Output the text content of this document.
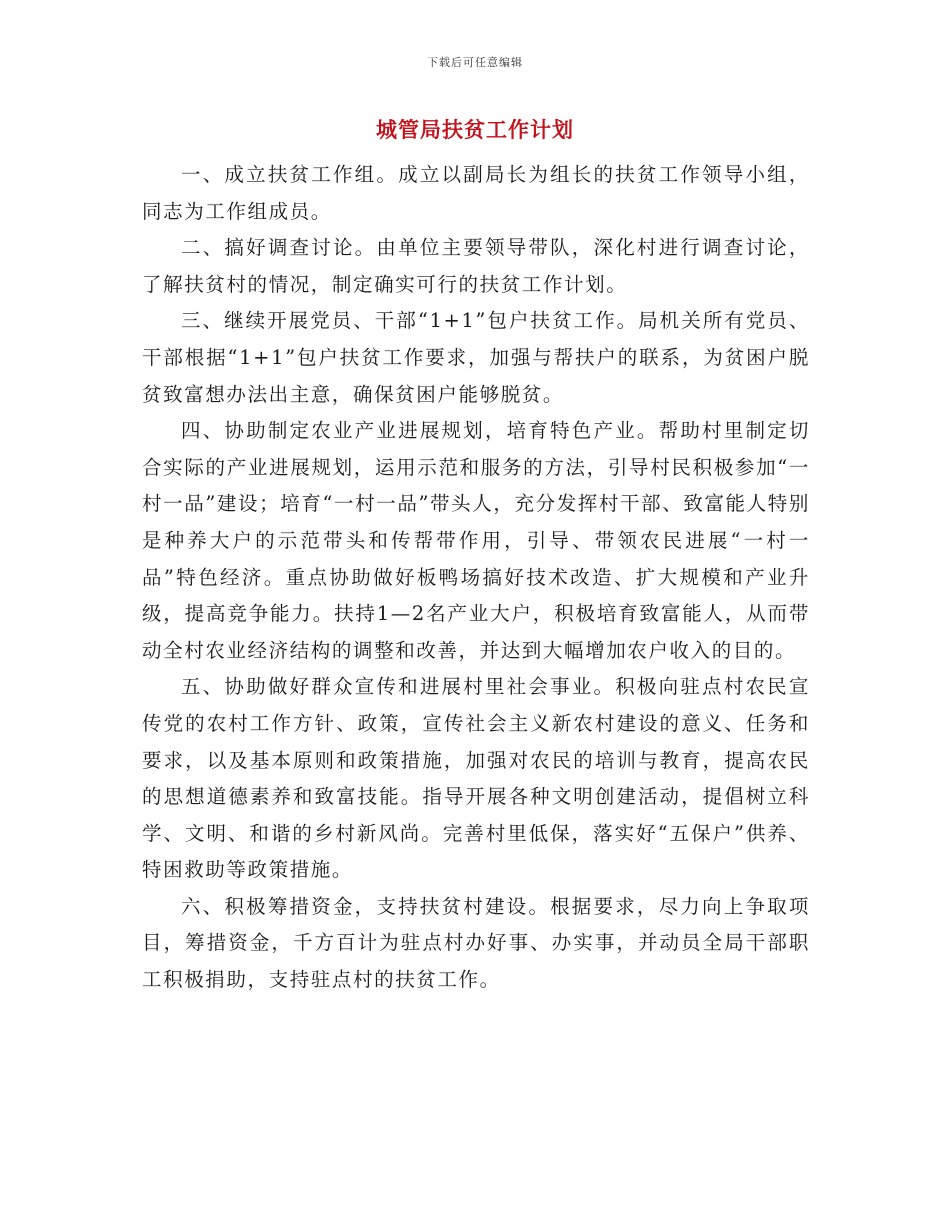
下载后可任意编辑
城管局扶贫工作计划

一、成立扶贫工作组。成立以副局长为组长的扶贫工作领导小组，同志为工作组成员。

二、搞好调查讨论。由单位主要领导带队，深化村进行调查讨论，了解扶贫村的情况，制定确实可行的扶贫工作计划。

三、继续开展党员、干部“1+1”包户扶贫工作。局机关所有党员、干部根据“1+1”包户扶贫工作要求，加强与帮扶户的联系，为贫困户脱贫致富想办法出主意，确保贫困户能够脱贫。

四、协助制定农业产业进展规划，培育特色产业。帮助村里制定切合实际的产业进展规划，运用示范和服务的方法，引导村民积极参加“一村一品”建设；培育“一村一品”带头人，充分发挥村干部、致富能人特别是种养大户的示范带头和传帮带作用，引导、带领农民进展“一村一品”特色经济。重点协助做好板鸭场搞好技术改造、扩大规模和产业升级，提高竞争能力。扶持1—2名产业大户，积极培育致富能人，从而带动全村农业经济结构的调整和改善，并达到大幅增加农户收入的目的。

五、协助做好群众宣传和进展村里社会事业。积极向驻点村农民宣传党的农村工作方针、政策，宣传社会主义新农村建设的意义、任务和要求，以及基本原则和政策措施，加强对农民的培训与教育，提高农民的思想道德素养和致富技能。指导开展各种文明创建活动，提倡树立科学、文明、和谐的乡村新风尚。完善村里低保，落实好“五保户”供养、特困救助等政策措施。

六、积极筹措资金，支持扶贫村建设。根据要求，尽力向上争取项目，筹措资金，千方百计为驻点村办好事、办实事，并动员全局干部职工积极捐助，支持驻点村的扶贫工作。
